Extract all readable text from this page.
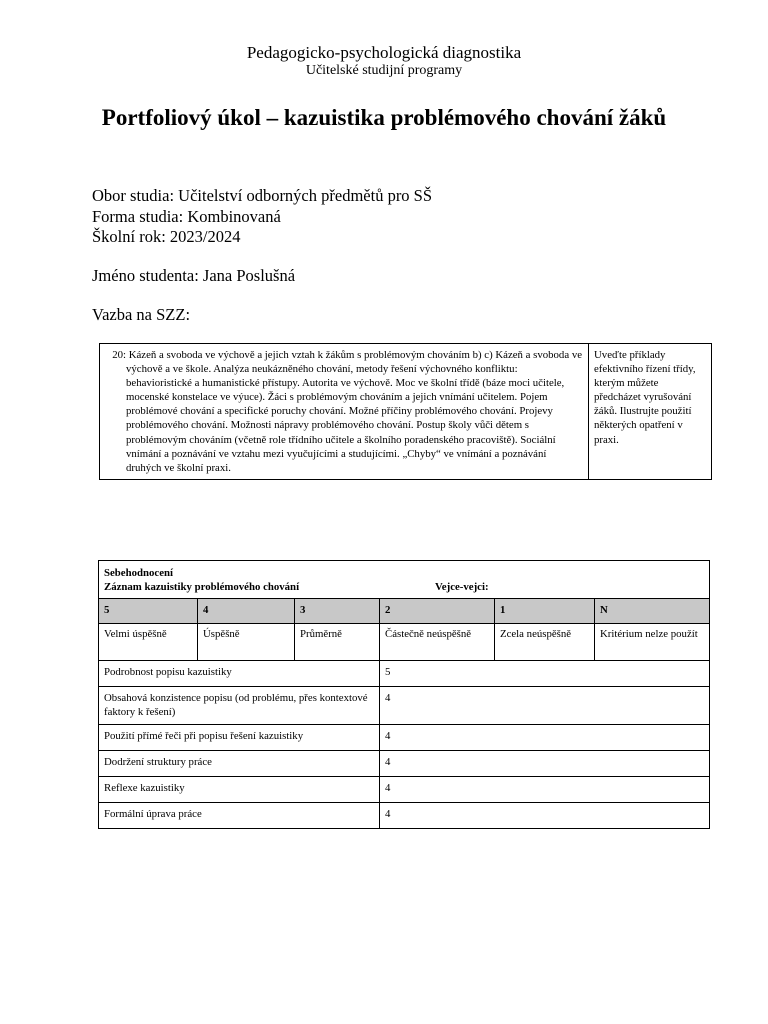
Pedagogicko-psychologická diagnostika
Učitelské studijní programy
Portfoliový úkol – kazuistika problémového chování žáků
Obor studia: Učitelství odborných předmětů pro SŠ
Forma studia: Kombinovaná
Školní rok: 2023/2024
Jméno studenta: Jana Poslušná
Vazba na SZZ:
20: Kázeň a svoboda ve výchově a jejich vztah k žákům s problémovým chováním b) c) Kázeň a svoboda ve výchově a ve škole. Analýza neukázněného chování, metody řešení výchovného konfliktu: behavioristické a humanistické přístupy. Autorita ve výchově. Moc ve školní třídě (báze moci učitele, mocenské konstelace ve výuce). Žáci s problémovým chováním a jejich vnímání učitelem. Pojem problémové chování a specifické poruchy chování. Možné příčiny problémového chování. Projevy problémového chování. Možnosti nápravy problémového chování. Postup školy vůči dětem s problémovým chováním (včetně role třídního učitele a školního poradenského pracoviště). Sociální vnímání a poznávání ve vztahu mezi vyučujícími a studujícími. „Chyby“ ve vnímání a poznávání druhých ve školní praxi.	Uveďte příklady efektivního řízení třídy, kterým můžete předcházet vyrušování žáků. Ilustrujte použití některých opatření v praxi.
Sebehodnocení
Záznam kazuistiky problémového chování Vejce-vejci:					

5	4	3	2	1	N
Velmi úspěšně	Úspěšně	Průměrně	Částečně neúspěšně	Zcela neúspěšně	Kritérium nelze použít
Podrobnost popisu kazuistiky			5		
Obsahová konzistence popisu (od problému, přes kontextové faktory k řešení)			4		
Použití přímé řeči při popisu řešení kazuistiky			4		
Dodržení struktury práce			4		
Reflexe kazuistiky			4		
Formální úprava práce			4		
